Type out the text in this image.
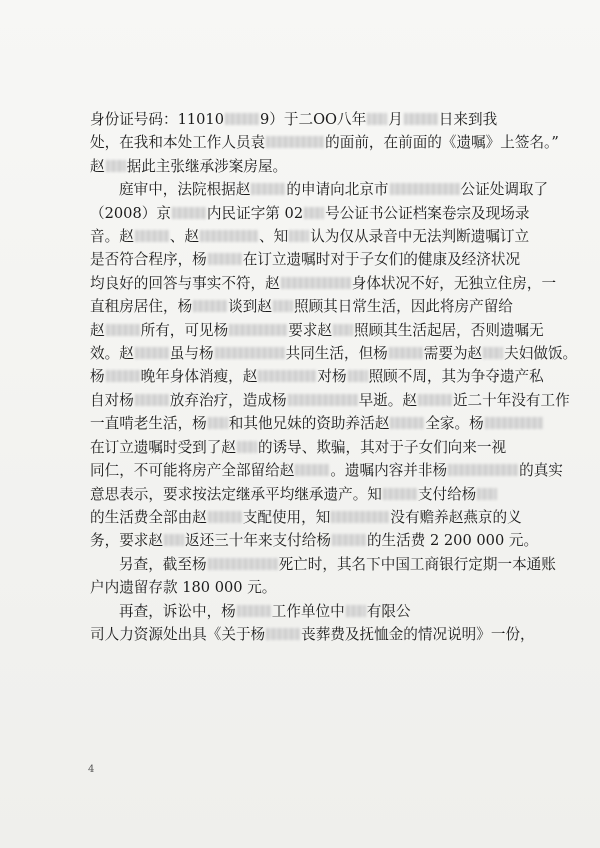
身份证号码：11010 9）于二OO八年 月 日来到我
处，在我和本处工作人员袁	的面前，在前面的《遗嘱》上签名。”
赵 据此主张继承涉案房屋。
庭审中，法院根据赵 的申请向北京市	公证处调取了
（2008）京 内民证字第 02 号公证书公证档案卷宗及现场录
音。赵 、赵	、知 认为仅从录音中无法判断遗嘱订立
是否符合程序，杨 在订立遗嘱时对于子女们的健康及经济状况
均良好的回答与事实不符，赵	身体状况不好，无独立住房，一
直租房居住，杨 谈到赵 照顾其日常生活，因此将房产留给
赵 所有，可见杨	要求赵 照顾其生活起居，否则遗嘱无
效。赵 虽与杨	共同生活，但杨 需要为赵 夫妇做饭。
杨 晚年身体消瘦，赵	对杨 照顾不周，其为争夺遗产私
自对杨 放弃治疗，造成杨	早逝。赵 近二十年没有工作
一直啃老生活，杨 和其他兄妹的资助养活赵 全家。杨
在订立遗嘱时受到了赵 的诱导、欺骗，其对于子女们向来一视
同仁，不可能将房产全部留给赵 。遗嘱内容并非杨	的真实
意思表示，要求按法定继承平均继承遗产。知 支付给杨
的生活费全部由赵 支配使用，知	没有赡养赵燕京的义
务，要求赵 返还三十年来支付给杨 的生活费 2 200 000 元。
另查，截至杨	死亡时，其名下中国工商银行定期一本通账
户内遗留存款 180 000 元。
再查，诉讼中，杨 工作单位中 有限公
司人力资源处出具《关于杨 丧葬费及抚恤金的情况说明》一份，
4
